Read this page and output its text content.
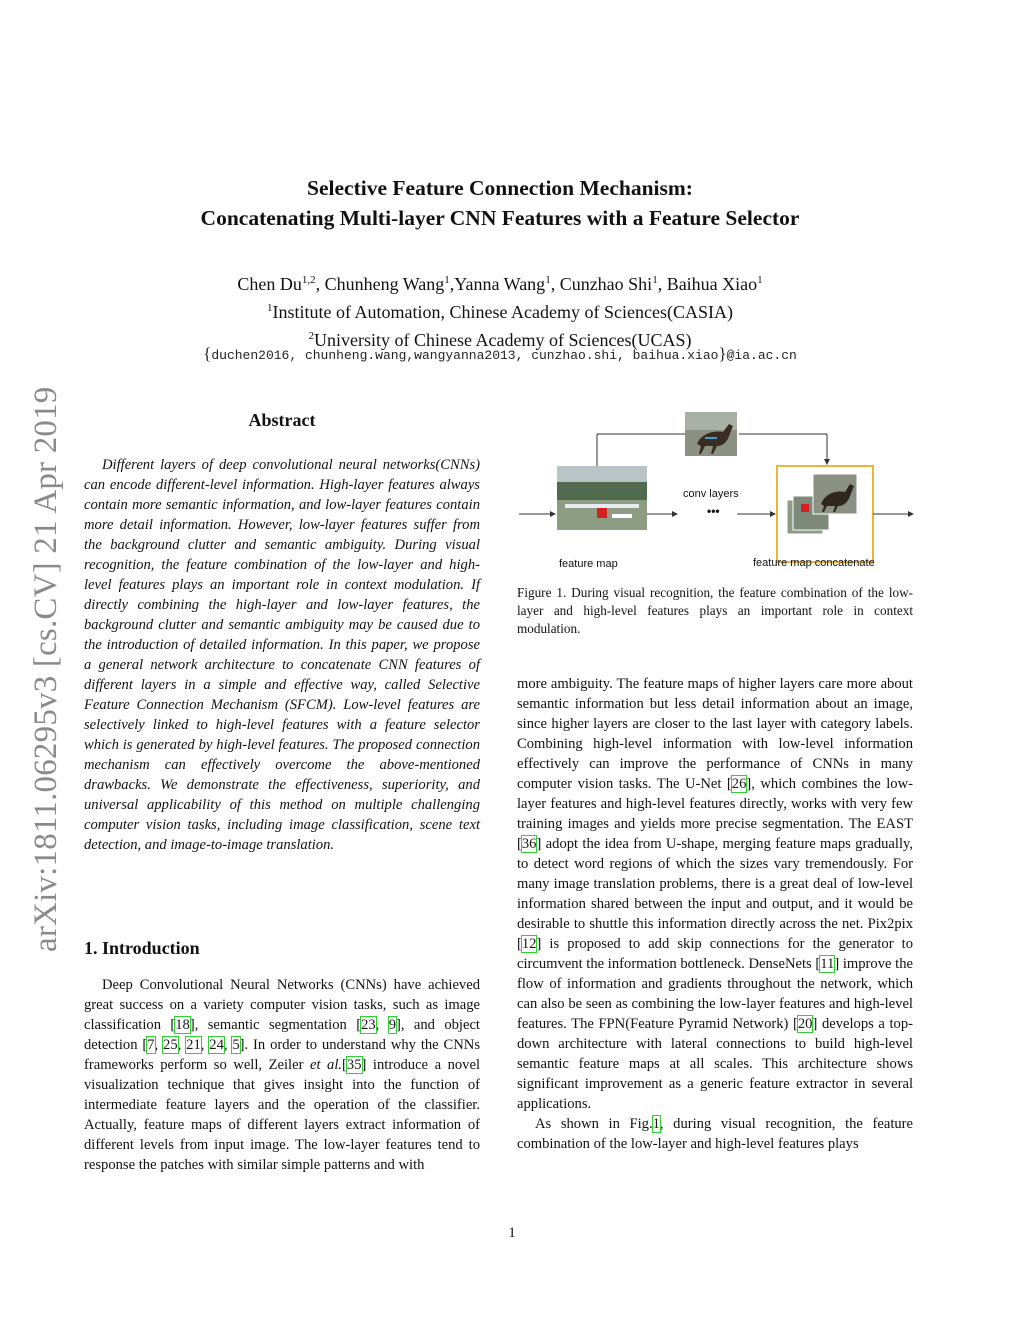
arXiv:1811.06295v3 [cs.CV] 21 Apr 2019
Selective Feature Connection Mechanism:
Concatenating Multi-layer CNN Features with a Feature Selector
Chen Du$^{1,2}$, Chunheng Wang$^1$,Yanna Wang$^1$, Cunzhao Shi$^1$, Baihua Xiao$^1$
$^1$Institute of Automation, Chinese Academy of Sciences(CASIA)
$^2$University of Chinese Academy of Sciences(UCAS)
{duchen2016, chunheng.wang,wangyanna2013, cunzhao.shi, baihua.xiao}@ia.ac.cn
Abstract
Different layers of deep convolutional neural networks(CNNs) can encode different-level information. High-layer features always contain more semantic information, and low-layer features contain more detail information. However, low-layer features suffer from the background clutter and semantic ambiguity. During visual recognition, the feature combination of the low-layer and high-level features plays an important role in context modulation. If directly combining the high-layer and low-layer features, the background clutter and semantic ambiguity may be caused due to the introduction of detailed information. In this paper, we propose a general network architecture to concatenate CNN features of different layers in a simple and effective way, called Selective Feature Connection Mechanism (SFCM). Low-level features are selectively linked to high-level features with a feature selector which is generated by high-level features. The proposed connection mechanism can effectively overcome the above-mentioned drawbacks. We demonstrate the effectiveness, superiority, and universal applicability of this method on multiple challenging computer vision tasks, including image classification, scene text detection, and image-to-image translation.
1. Introduction
Deep Convolutional Neural Networks (CNNs) have achieved great success on a variety computer vision tasks, such as image classification [18], semantic segmentation [23, 9], and object detection [7, 25, 21, 24, 5]. In order to understand why the CNNs frameworks perform so well, Zeiler et al.[35] introduce a novel visualization technique that gives insight into the function of intermediate feature layers and the operation of the classifier. Actually, feature maps of different layers extract information of different levels from input image. The low-layer features tend to response the patches with similar simple patterns and with
conv layers
•••
feature map	feature map concatenate
Figure 1. During visual recognition, the feature combination of the low-layer and high-level features plays an important role in context modulation.

more ambiguity. The feature maps of higher layers care more about semantic information but less detail information about an image, since higher layers are closer to the last layer with category labels. Combining high-level information with low-level information effectively can improve the performance of CNNs in many computer vision tasks. The U-Net [26], which combines the low-layer features and high-level features directly, works with very few training images and yields more precise segmentation. The EAST [36] adopt the idea from U-shape, merging feature maps gradually, to detect word regions of which the sizes vary tremendously. For many image translation problems, there is a great deal of low-level information shared between the input and output, and it would be desirable to shuttle this information directly across the net. Pix2pix [12] is proposed to add skip connections for the generator to circumvent the information bottleneck. DenseNets [11] improve the flow of information and gradients throughout the network, which can also be seen as combining the low-layer features and high-level features. The FPN(Feature Pyramid Network) [20] develops a top-down architecture with lateral connections to build high-level semantic feature maps at all scales. This architecture shows significant improvement as a generic feature extractor in several applications.

As shown in Fig.1, during visual recognition, the feature combination of the low-layer and high-level features plays

1
